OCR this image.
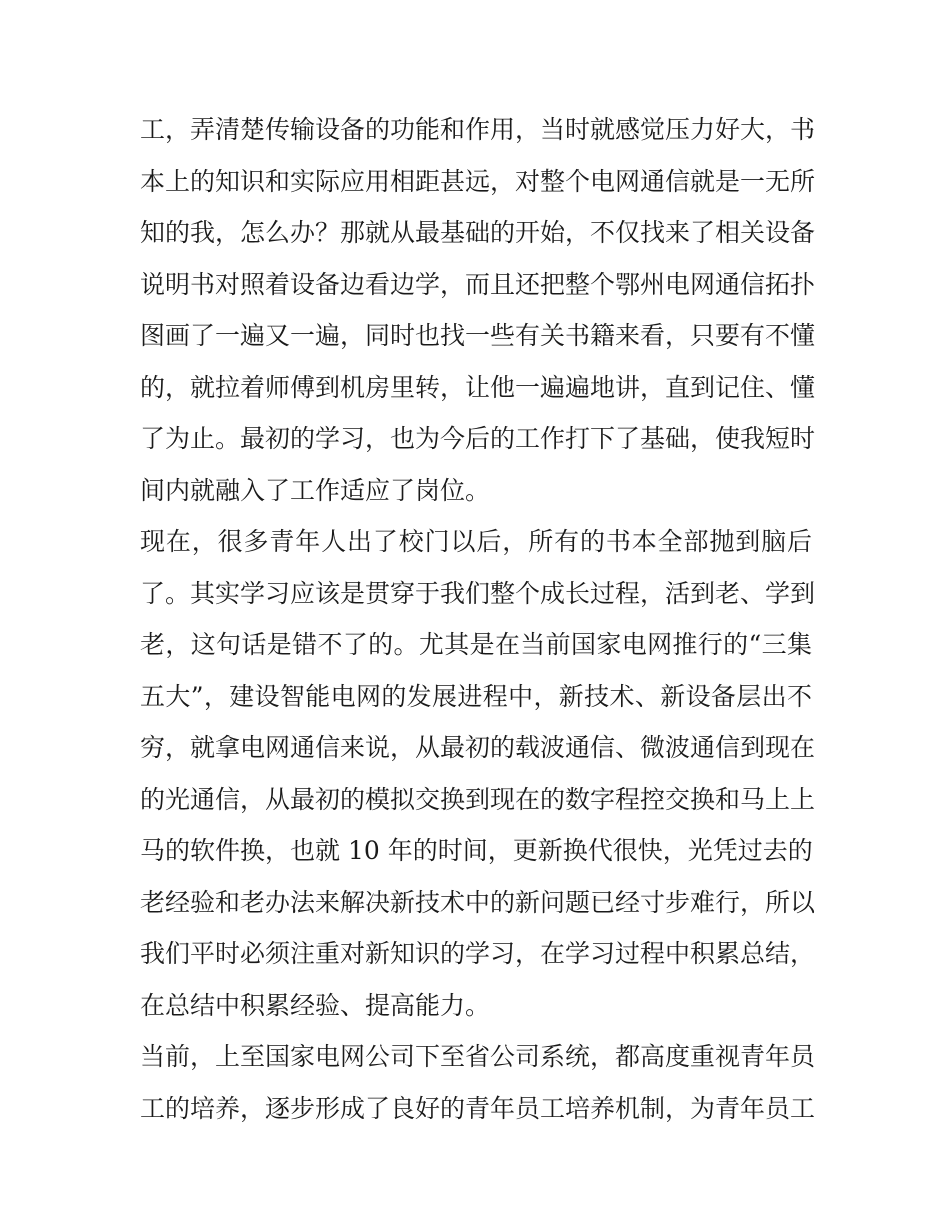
工，弄清楚传输设备的功能和作用，当时就感觉压力好大，书
本上的知识和实际应用相距甚远，对整个电网通信就是一无所
知的我，怎么办？那就从最基础的开始，不仅找来了相关设备
说明书对照着设备边看边学，而且还把整个鄂州电网通信拓扑
图画了一遍又一遍，同时也找一些有关书籍来看，只要有不懂
的，就拉着师傅到机房里转，让他一遍遍地讲，直到记住、懂
了为止。最初的学习，也为今后的工作打下了基础，使我短时
间内就融入了工作适应了岗位。
现在，很多青年人出了校门以后，所有的书本全部抛到脑后
了。其实学习应该是贯穿于我们整个成长过程，活到老、学到
老，这句话是错不了的。尤其是在当前国家电网推行的“三集
五大”，建设智能电网的发展进程中，新技术、新设备层出不
穷，就拿电网通信来说，从最初的载波通信、微波通信到现在
的光通信，从最初的模拟交换到现在的数字程控交换和马上上
马的软件换，也就 10 年的时间，更新换代很快，光凭过去的
老经验和老办法来解决新技术中的新问题已经寸步难行，所以
我们平时必须注重对新知识的学习，在学习过程中积累总结，
在总结中积累经验、提高能力。
当前，上至国家电网公司下至省公司系统，都高度重视青年员
工的培养，逐步形成了良好的青年员工培养机制，为青年员工
